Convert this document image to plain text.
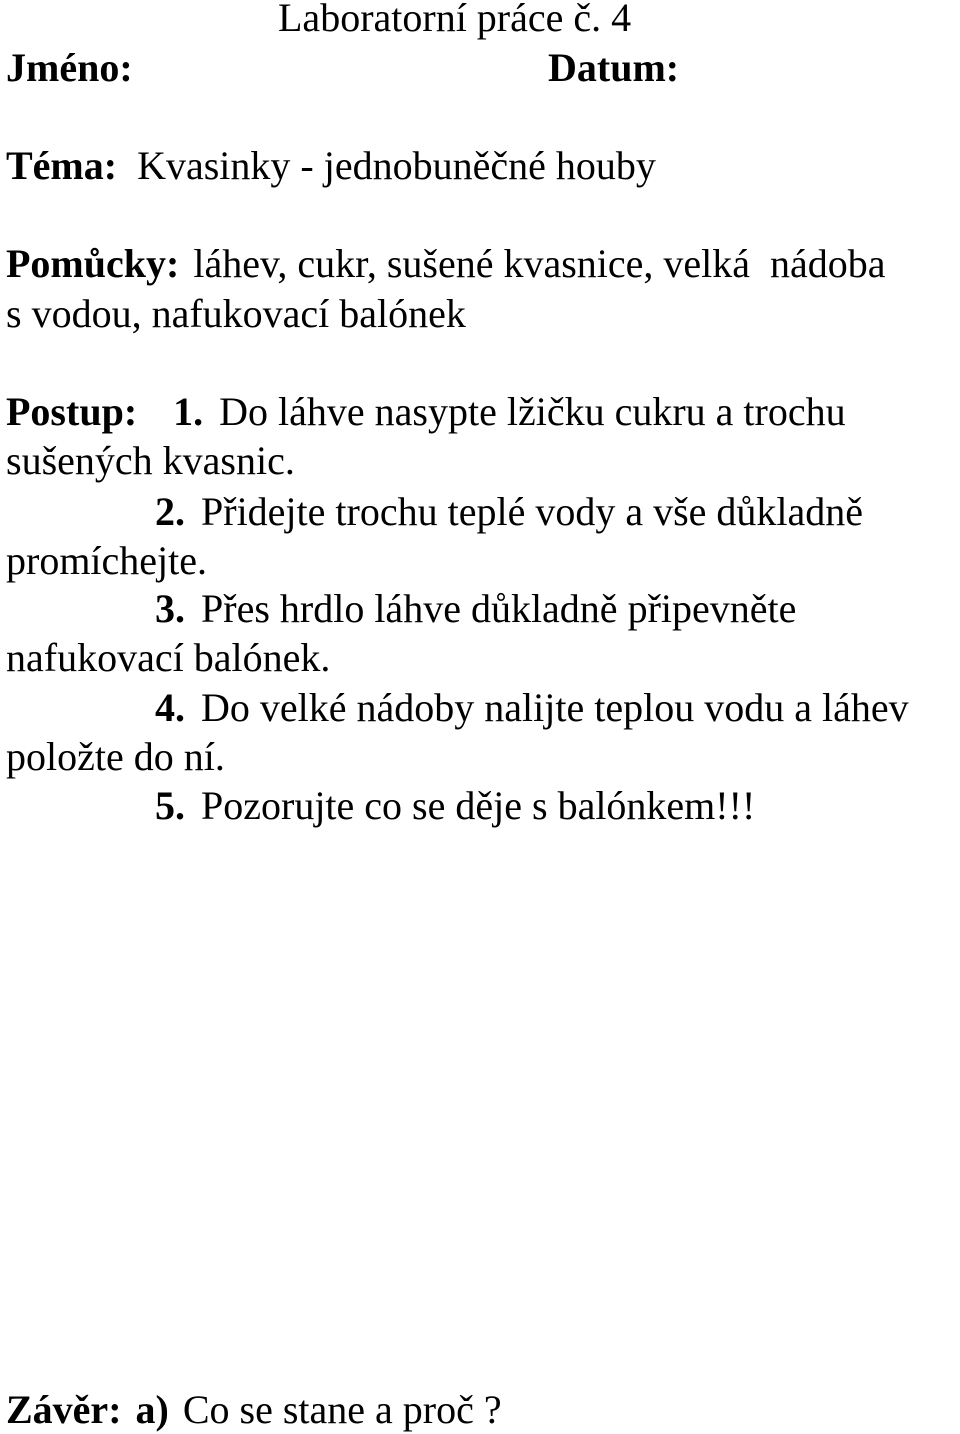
Laboratorní práce č. 4
Jméno:	Datum:
Téma: Kvasinky - jednobuněčné houby
Pomůcky: láhev, cukr, sušené kvasnice, velká  nádoba
s vodou, nafukovací balónek
Postup: 1. Do láhve nasypte lžičku cukru a trochu
sušených kvasnic.
2. Přidejte trochu teplé vody a vše důkladně
promíchejte.
3. Přes hrdlo láhve důkladně připevněte
nafukovací balónek.
4. Do velké nádoby nalijte teplou vodu a láhev
položte do ní.
5. Pozorujte co se děje s balónkem!!!
Závěr: a) Co se stane a proč ?
